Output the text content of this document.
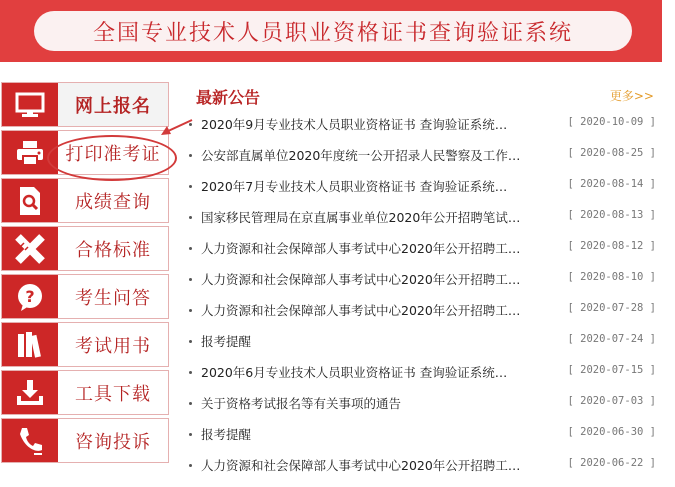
全国专业技术人员职业资格证书查询验证系统
网上报名
打印准考证
成绩查询
合格标准
?	考生问答
考试用书
工具下载
咨询投诉
最新公告	更多>>
2020年9月专业技术人员职业资格证书 查询验证系统…	[ 2020-10-09 ]
公安部直属单位2020年度统一公开招录人民警察及工作…	[ 2020-08-25 ]
2020年7月专业技术人员职业资格证书 查询验证系统…	[ 2020-08-14 ]
国家移民管理局在京直属事业单位2020年公开招聘笔试…	[ 2020-08-13 ]
人力资源和社会保障部人事考试中心2020年公开招聘工…	[ 2020-08-12 ]
人力资源和社会保障部人事考试中心2020年公开招聘工…	[ 2020-08-10 ]
人力资源和社会保障部人事考试中心2020年公开招聘工…	[ 2020-07-28 ]
报考提醒	[ 2020-07-24 ]
2020年6月专业技术人员职业资格证书 查询验证系统…	[ 2020-07-15 ]
关于资格考试报名等有关事项的通告	[ 2020-07-03 ]
报考提醒	[ 2020-06-30 ]
人力资源和社会保障部人事考试中心2020年公开招聘工…	[ 2020-06-22 ]
